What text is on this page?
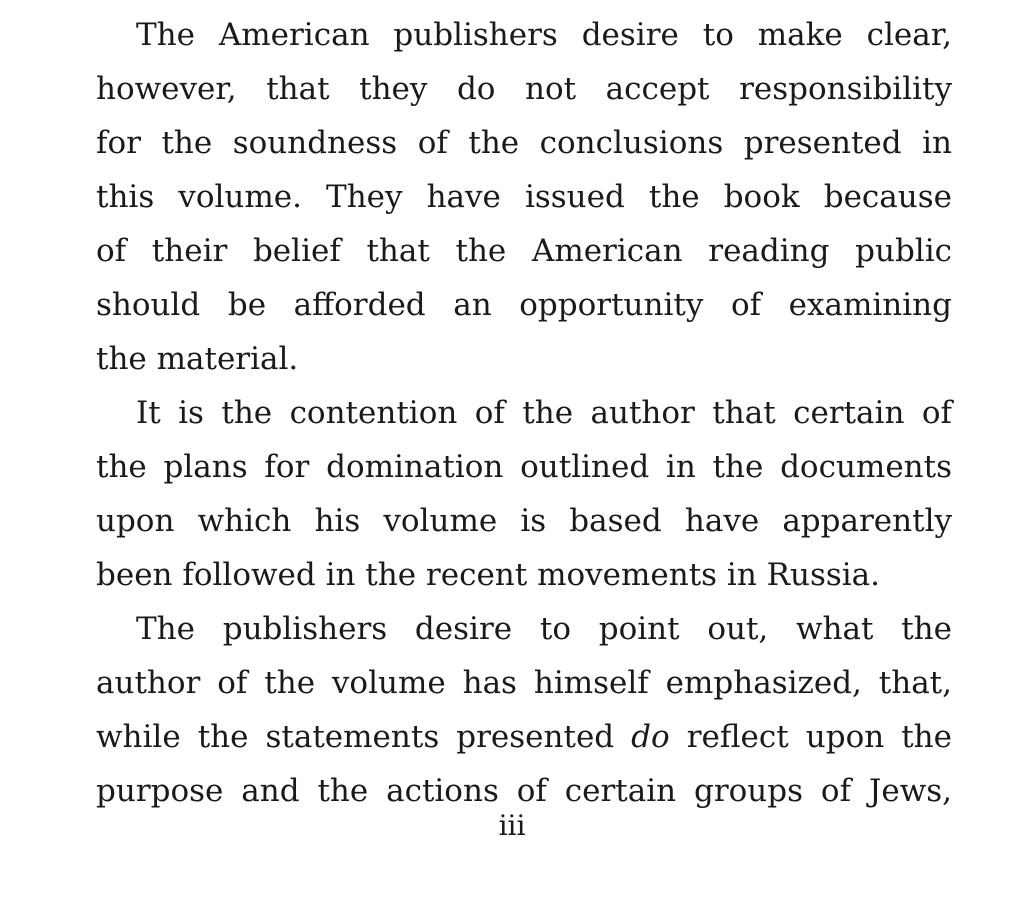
The American publishers desire to make clear,
however, that they do not accept responsibility
for the soundness of the conclusions presented in
this volume. They have issued the book because
of their belief that the American reading public
should be afforded an opportunity of examining
the material.
It is the contention of the author that certain of
the plans for domination outlined in the documents
upon which his volume is based have apparently
been followed in the recent movements in Russia.
The publishers desire to point out, what the
author of the volume has himself emphasized, that,
while the statements presented do reflect upon the
purpose and the actions of certain groups of Jews,
iii
